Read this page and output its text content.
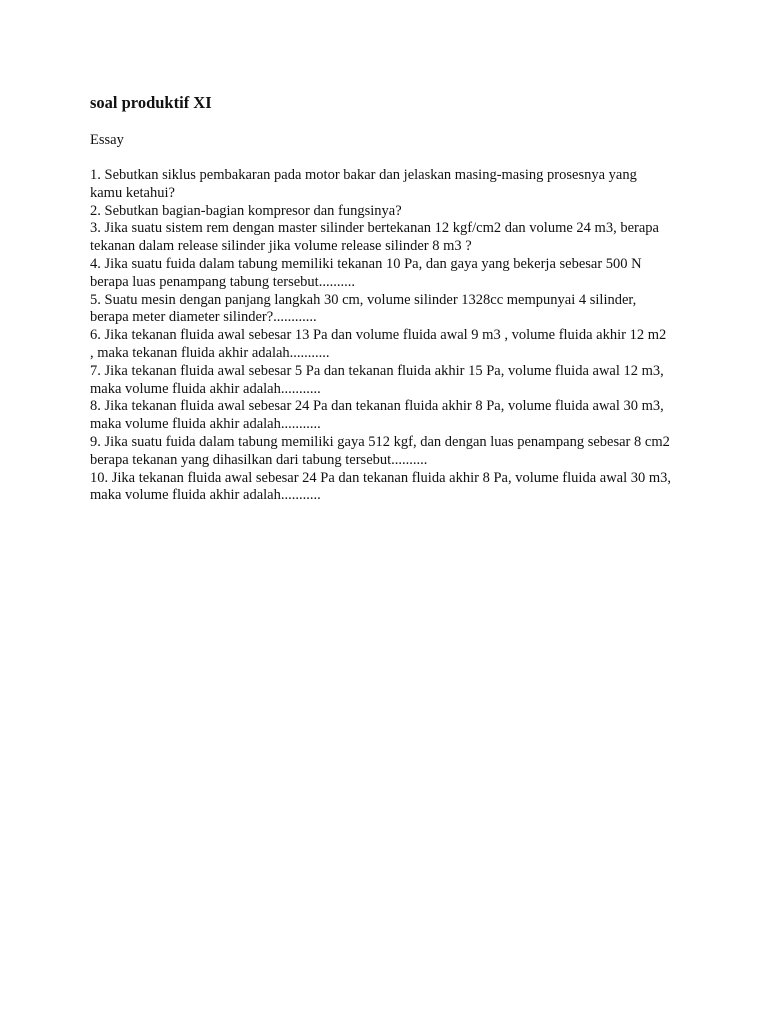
soal produktif XI

Essay

1. Sebutkan siklus pembakaran pada motor bakar dan jelaskan masing-masing prosesnya yang kamu ketahui?
2. Sebutkan bagian-bagian kompresor dan fungsinya?
3. Jika suatu sistem rem dengan master silinder bertekanan 12 kgf/cm2 dan volume 24 m3, berapa tekanan dalam release silinder jika volume release silinder 8 m3 ?
4. Jika suatu fuida dalam tabung memiliki tekanan 10 Pa, dan gaya yang bekerja sebesar 500 N berapa luas penampang tabung tersebut..........
5. Suatu mesin dengan panjang langkah 30 cm, volume silinder 1328cc mempunyai 4 silinder, berapa meter diameter silinder?............
6. Jika tekanan fluida awal sebesar 13 Pa dan volume fluida awal 9 m3 , volume fluida akhir 12 m2 , maka tekanan fluida akhir adalah...........
7. Jika tekanan fluida awal sebesar 5 Pa dan tekanan fluida akhir 15 Pa, volume fluida awal 12 m3, maka volume fluida akhir adalah...........
8. Jika tekanan fluida awal sebesar 24 Pa dan tekanan fluida akhir 8 Pa, volume fluida awal 30 m3, maka volume fluida akhir adalah...........
9. Jika suatu fuida dalam tabung memiliki gaya 512 kgf, dan dengan luas penampang sebesar 8 cm2 berapa tekanan yang dihasilkan dari tabung tersebut..........
10. Jika tekanan fluida awal sebesar 24 Pa dan tekanan fluida akhir 8 Pa, volume fluida awal 30 m3, maka volume fluida akhir adalah...........
